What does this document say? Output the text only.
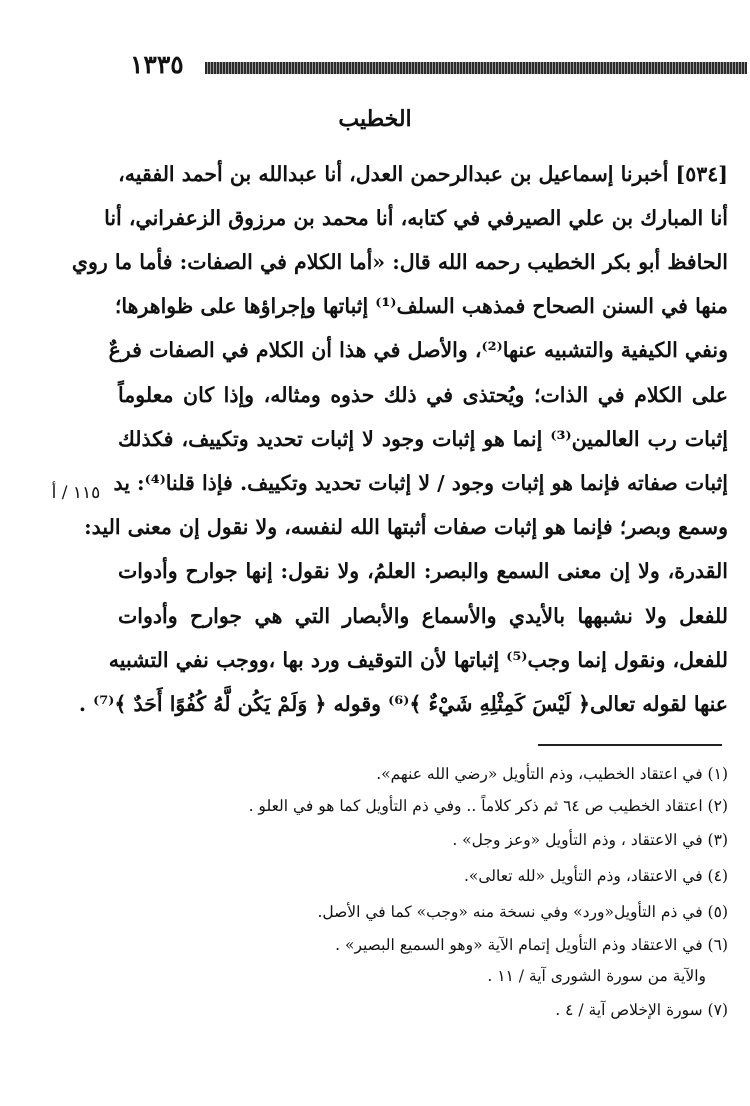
١٣٣٥
الخطيب
[٥٣٤] أخبرنا إسماعيل بن عبدالرحمن العدل، أنا عبدالله بن أحمد الفقيه،
أنا المبارك بن علي الصيرفي في كتابه، أنا محمد بن مرزوق الزعفراني، أنا
الحافظ أبو بكر الخطيب رحمه الله قال: «أما الكلام في الصفات: فأما ما روي
منها في السنن الصحاح فمذهب السلف⁽¹⁾ إثباتها وإجراؤها على ظواهرها؛
ونفي الكيفية والتشبيه عنها⁽²⁾، والأصل في هذا أن الكلام في الصفات فرعٌ
على الكلام في الذات؛ ويُحتذى في ذلك حذوه ومثاله، وإذا كان معلوماً
إثبات رب العالمين⁽³⁾ إنما هو إثبات وجود لا إثبات تحديد وتكييف، فكذلك
إثبات صفاته فإنما هو إثبات وجود / لا إثبات تحديد وتكييف. فإذا قلنا⁽⁴⁾: يد
وسمع وبصر؛ فإنما هو إثبات صفات أثبتها الله لنفسه، ولا نقول إن معنى اليد:
القدرة، ولا إن معنى السمع والبصر: العلمُ، ولا نقول: إنها جوارح وأدوات
للفعل ولا نشبهها بالأيدي والأسماع والأبصار التي هي جوارح وأدوات
للفعل، ونقول إنما وجب⁽⁵⁾ إثباتها لأن التوقيف ورد بها ،ووجب نفي التشبيه
عنها لقوله تعالى﴿ لَيْسَ كَمِثْلِهِ شَيْءٌ ﴾⁽⁶⁾ وقوله ﴿ وَلَمْ يَكُن لَّهُ كُفُوًا أَحَدٌ ﴾⁽⁷⁾ .
١١٥ / أ
(١) في اعتقاد الخطيب، وذم التأويل «رضي الله عنهم».
(٢) اعتقاد الخطيب ص ٦٤ ثم ذكر كلاماً .. وفي ذم التأويل كما هو في العلو .
(٣) في الاعتقاد ، وذم التأويل «وعز وجل» .
(٤) في الاعتقاد، وذم التأويل «لله تعالى».
(٥) في ذم التأويل«ورد» وفي نسخة منه «وجب» كما في الأصل.
(٦) في الاعتقاد وذم التأويل إتمام الآية «وهو السميع البصير» .
والآية من سورة الشورى آية / ١١ .
(٧) سورة الإخلاص آية / ٤ .
